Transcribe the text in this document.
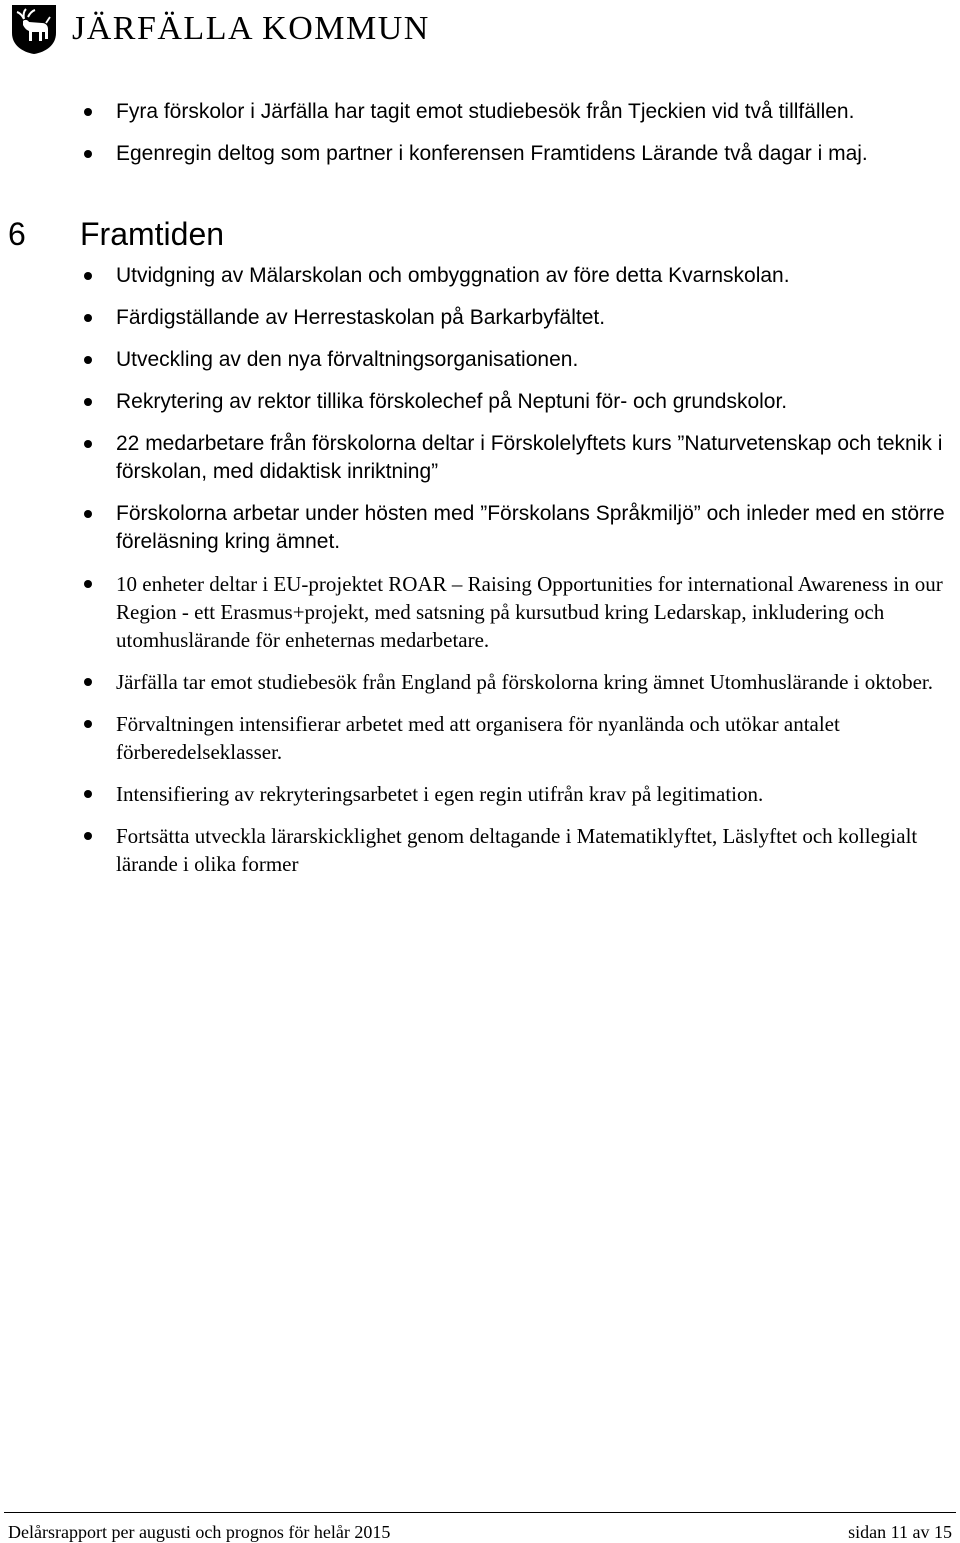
JÄRFÄLLA KOMMUN
Fyra förskolor i Järfälla har tagit emot studiebesök från Tjeckien vid två tillfällen.
Egenregin deltog som partner i konferensen Framtidens Lärande två dagar i maj.
6 Framtiden
Utvidgning av Mälarskolan och ombyggnation av före detta Kvarnskolan.
Färdigställande av Herrestaskolan på Barkarbyfältet.
Utveckling av den nya förvaltningsorganisationen.
Rekrytering av rektor tillika förskolechef på Neptuni för- och grundskolor.
22 medarbetare från förskolorna deltar i Förskolelyftets kurs ”Naturvetenskap och teknik i förskolan, med didaktisk inriktning”
Förskolorna arbetar under hösten med ”Förskolans Språkmiljö” och inleder med en större föreläsning kring ämnet.
10 enheter deltar i EU-projektet ROAR – Raising Opportunities for international Awareness in our Region - ett Erasmus+projekt, med satsning på kursutbud kring Ledarskap, inkludering och utomhuslärande för enheternas medarbetare.
Järfälla tar emot studiebesök från England på förskolorna kring ämnet Utomhuslärande i oktober.
Förvaltningen intensifierar arbetet med att organisera för nyanlända och utökar antalet förberedelseklasser.
Intensifiering av rekryteringsarbetet i egen regin utifrån krav på legitimation.
Fortsätta utveckla lärarskicklighet genom deltagande i Matematiklyftet, Läslyftet och kollegialt lärande i olika former
Delårsrapport per augusti och prognos för helår 2015	sidan 11 av 15
